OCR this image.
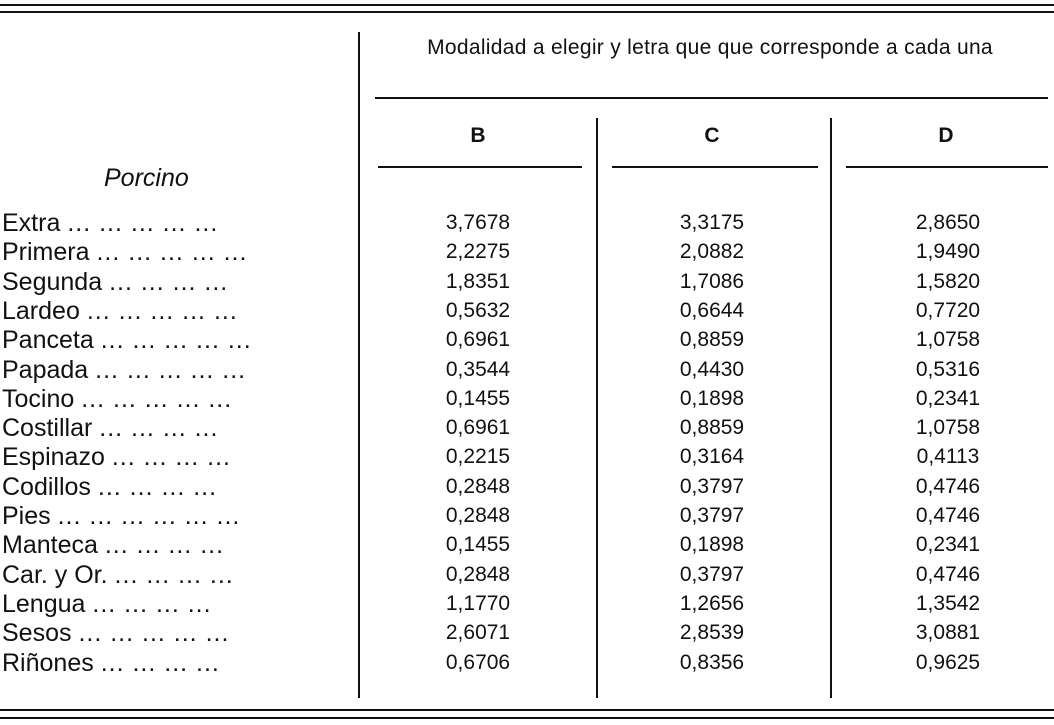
Modalidad a elegir y letra que que corresponde a cada una
B	C	D
Porcino
Extra ... ... ... ... ...	3,7678	3,3175	2,8650
Primera ... ... ... ... ...	2,2275	2,0882	1,9490
Segunda ... ... ... ...	1,8351	1,7086	1,5820
Lardeo ... ... ... ... ...	0,5632	0,6644	0,7720
Panceta ... ... ... ... ...	0,6961	0,8859	1,0758
Papada ... ... ... ... ...	0,3544	0,4430	0,5316
Tocino ... ... ... ... ...	0,1455	0,1898	0,2341
Costillar ... ... ... ...	0,6961	0,8859	1,0758
Espinazo ... ... ... ...	0,2215	0,3164	0,4113
Codillos ... ... ... ...	0,2848	0,3797	0,4746
Pies ... ... ... ... ... ...	0,2848	0,3797	0,4746
Manteca ... ... ... ...	0,1455	0,1898	0,2341
Car. y Or. ... ... ... ...	0,2848	0,3797	0,4746
Lengua ... ... ... ...	1,1770	1,2656	1,3542
Sesos ... ... ... ... ...	2,6071	2,8539	3,0881
Riñones ... ... ... ...	0,6706	0,8356	0,9625
